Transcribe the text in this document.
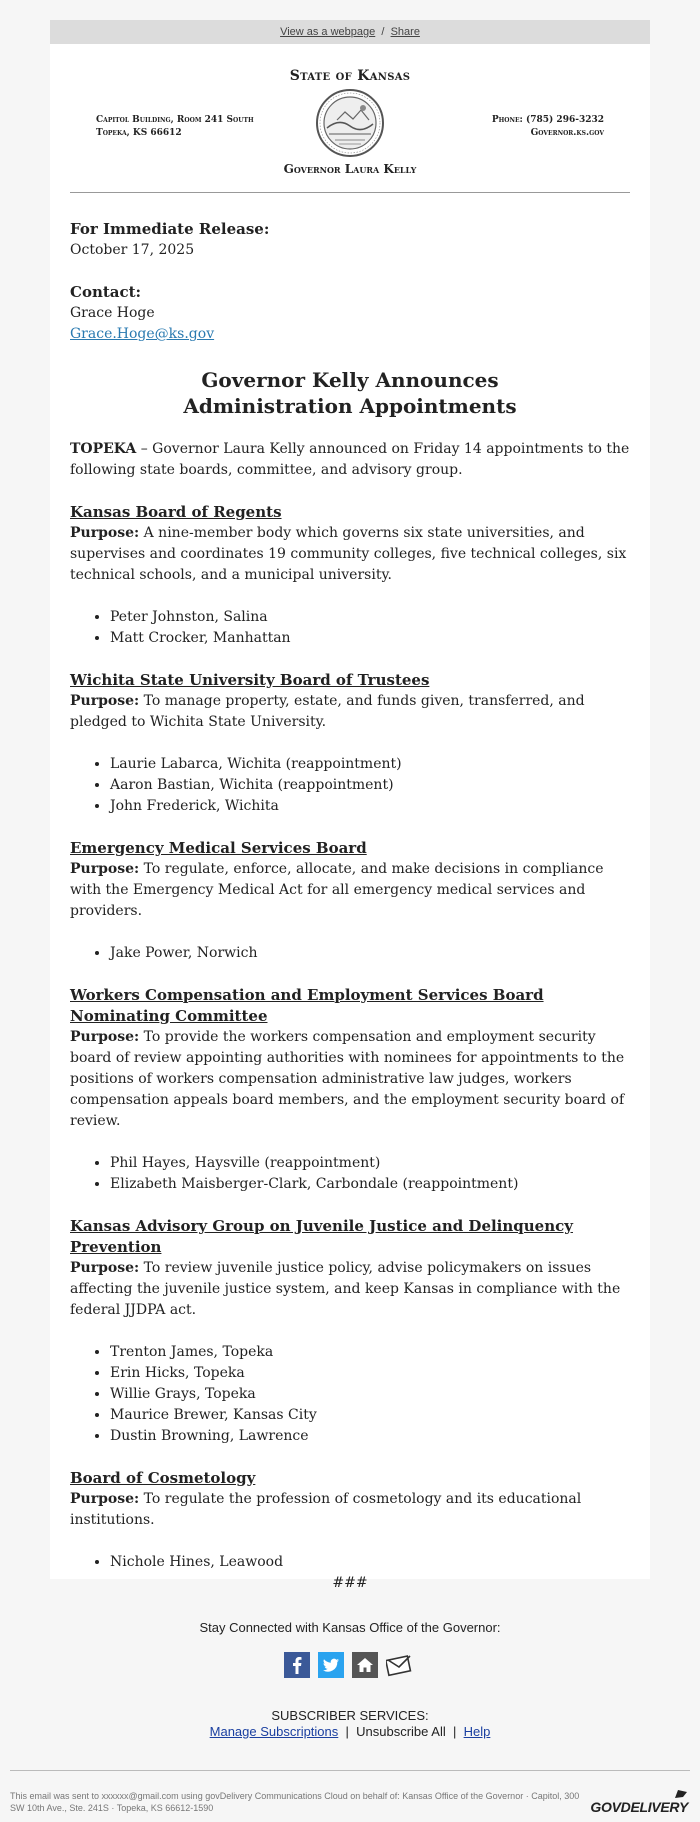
View as a webpage / Share
State of Kansas
Capitol Building, Room 241 South
Topeka, KS 66612
Phone: (785) 296-3232
Governor.ks.gov
Governor Laura Kelly

For Immediate Release:

October 17, 2025

Contact:

Grace Hoge

Grace.Hoge@ks.gov

Governor Kelly Announces
Administration Appointments

TOPEKA – Governor Laura Kelly announced on Friday 14 appointments to the following state boards, committee, and advisory group.

Kansas Board of Regents

Purpose: A nine-member body which governs six state universities, and supervises and coordinates 19 community colleges, five technical colleges, six technical schools, and a municipal university.

• Peter Johnston, Salina
• Matt Crocker, Manhattan

Wichita State University Board of Trustees

Purpose: To manage property, estate, and funds given, transferred, and pledged to Wichita State University.

• Laurie Labarca, Wichita (reappointment)
• Aaron Bastian, Wichita (reappointment)
• John Frederick, Wichita

Emergency Medical Services Board

Purpose: To regulate, enforce, allocate, and make decisions in compliance with the Emergency Medical Act for all emergency medical services and providers.

• Jake Power, Norwich

Workers Compensation and Employment Services Board Nominating Committee

Purpose: To provide the workers compensation and employment security board of review appointing authorities with nominees for appointments to the positions of workers compensation administrative law judges, workers compensation appeals board members, and the employment security board of review.

• Phil Hayes, Haysville (reappointment)
• Elizabeth Maisberger-Clark, Carbondale (reappointment)

Kansas Advisory Group on Juvenile Justice and Delinquency Prevention

Purpose: To review juvenile justice policy, advise policymakers on issues affecting the juvenile justice system, and keep Kansas in compliance with the federal JJDPA act.

• Trenton James, Topeka
• Erin Hicks, Topeka
• Willie Grays, Topeka
• Maurice Brewer, Kansas City
• Dustin Browning, Lawrence

Board of Cosmetology

Purpose: To regulate the profession of cosmetology and its educational institutions.

• Nichole Hines, Leawood

###

Stay Connected with Kansas Office of the Governor:
SUBSCRIBER SERVICES:
Manage Subscriptions | Unsubscribe All | Help
This email was sent to xxxxxx@gmail.com using govDelivery Communications Cloud on behalf of: Kansas Office of the Governor · Capitol, 300 SW 10th Ave., Ste. 241S · Topeka, KS 66612-1590	GOVDELIVERY
